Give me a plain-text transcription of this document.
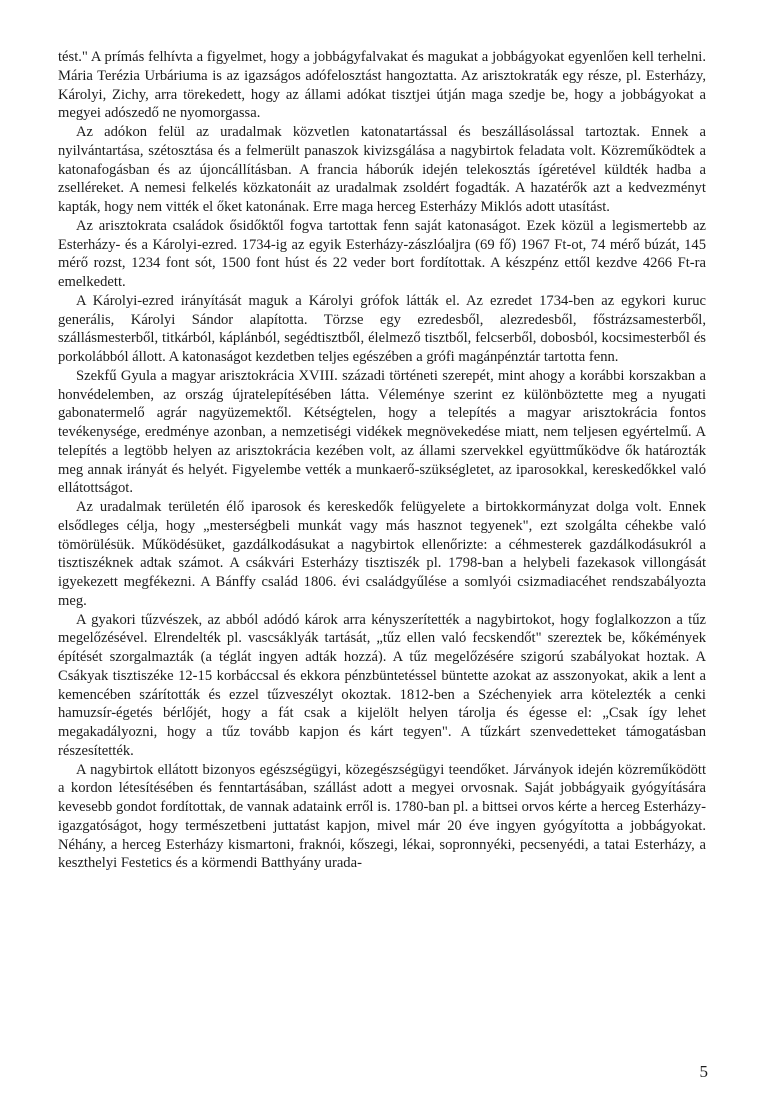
tést." A prímás felhívta a figyelmet, hogy a jobbágyfalvakat és magukat a jobbágyokat egyenlően kell terhelni. Mária Terézia Urbáriuma is az igazságos adófelosztást hangoztatta. Az arisztokraták egy része, pl. Esterházy, Károlyi, Zichy, arra törekedett, hogy az állami adókat tisztjei útján maga szedje be, hogy a jobbágyokat a megyei adószedő ne nyomorgassa.

Az adókon felül az uradalmak közvetlen katonatartással és beszállásolással tartoztak. Ennek a nyilvántartása, szétosztása és a felmerült panaszok kivizsgálása a nagybirtok feladata volt. Közreműködtek a katonafogásban és az újoncállításban. A francia háborúk idején telekosztás ígéretével küldték hadba a zselléreket. A nemesi felkelés közkatonáit az uradalmak zsoldért fogadták. A hazatérők azt a kedvezményt kapták, hogy nem vitték el őket katonának. Erre maga herceg Esterházy Miklós adott utasítást.

Az arisztokrata családok ősidőktől fogva tartottak fenn saját katonaságot. Ezek közül a legismertebb az Esterházy- és a Károlyi-ezred. 1734-ig az egyik Esterházy-zászlóaljra (69 fő) 1967 Ft-ot, 74 mérő búzát, 145 mérő rozst, 1234 font sót, 1500 font húst és 22 veder bort fordítottak. A készpénz ettől kezdve 4266 Ft-ra emelkedett.

A Károlyi-ezred irányítását maguk a Károlyi grófok látták el. Az ezredet 1734-ben az egykori kuruc generális, Károlyi Sándor alapította. Törzse egy ezredesből, alezredesből, főstrázsamesterből, szállásmesterből, titkárból, káplánból, segédtisztből, élelmező tisztből, felcserből, dobosból, kocsimesterből és porkolábból állott. A katonaságot kezdetben teljes egészében a grófi magánpénztár tartotta fenn.

Szekfű Gyula a magyar arisztokrácia XVIII. századi történeti szerepét, mint ahogy a korábbi korszakban a honvédelemben, az ország újratelepítésében látta. Véleménye szerint ez különböztette meg a nyugati gabonatermelő agrár nagyüzemektől. Kétségtelen, hogy a telepítés a magyar arisztokrácia fontos tevékenysége, eredménye azonban, a nemzetiségi vidékek megnövekedése miatt, nem teljesen egyértelmű. A telepítés a legtöbb helyen az arisztokrácia kezében volt, az állami szervekkel együttműködve ők határozták meg annak irányát és helyét. Figyelembe vették a munkaerő-szükségletet, az iparosokkal, kereskedőkkel való ellátottságot.

Az uradalmak területén élő iparosok és kereskedők felügyelete a birtokkormányzat dolga volt. Ennek elsődleges célja, hogy „mesterségbeli munkát vagy más hasznot tegyenek", ezt szolgálta céhekbe való tömörülésük. Működésüket, gazdálkodásukat a nagybirtok ellenőrizte: a céhmesterek gazdálkodásukról a tisztiszéknek adtak számot. A csákvári Esterházy tisztiszék pl. 1798-ban a helybeli fazekasok villongását igyekezett megfékezni. A Bánffy család 1806. évi családgyűlése a somlyói csizmadiacéhet rendszabályozta meg.

A gyakori tűzvészek, az abból adódó károk arra kényszerítették a nagybirtokot, hogy foglalkozzon a tűz megelőzésével. Elrendelték pl. vascsáklyák tartását, „tűz ellen való fecskendőt" szereztek be, kőkémények építését szorgalmazták (a téglát ingyen adták hozzá). A tűz megelőzésére szigorú szabályokat hoztak. A Csákyak tisztiszéke 12-15 korbáccsal és ekkora pénzbüntetéssel büntette azokat az asszonyokat, akik a lent a kemencében szárították és ezzel tűzveszélyt okoztak. 1812-ben a Széchenyiek arra kötelezték a cenki hamuzsír-égetés bérlőjét, hogy a fát csak a kijelölt helyen tárolja és égesse el: „Csak így lehet megakadályozni, hogy a tűz tovább kapjon és kárt tegyen". A tűzkárt szenvedetteket támogatásban részesítették.

A nagybirtok ellátott bizonyos egészségügyi, közegészségügyi teendőket. Járványok idején közreműködött a kordon létesítésében és fenntartásában, szállást adott a megyei orvosnak. Saját jobbágyaik gyógyítására kevesebb gondot fordítottak, de vannak adataink erről is. 1780-ban pl. a bittsei orvos kérte a herceg Esterházy-igazgatóságot, hogy természetbeni juttatást kapjon, mivel már 20 éve ingyen gyógyította a jobbágyokat. Néhány, a herceg Esterházy kismartoni, fraknói, kőszegi, lékai, sopronnyéki, pecsenyédi, a tatai Esterházy, a keszthelyi Festetics és a körmendi Batthyány urada-

5
